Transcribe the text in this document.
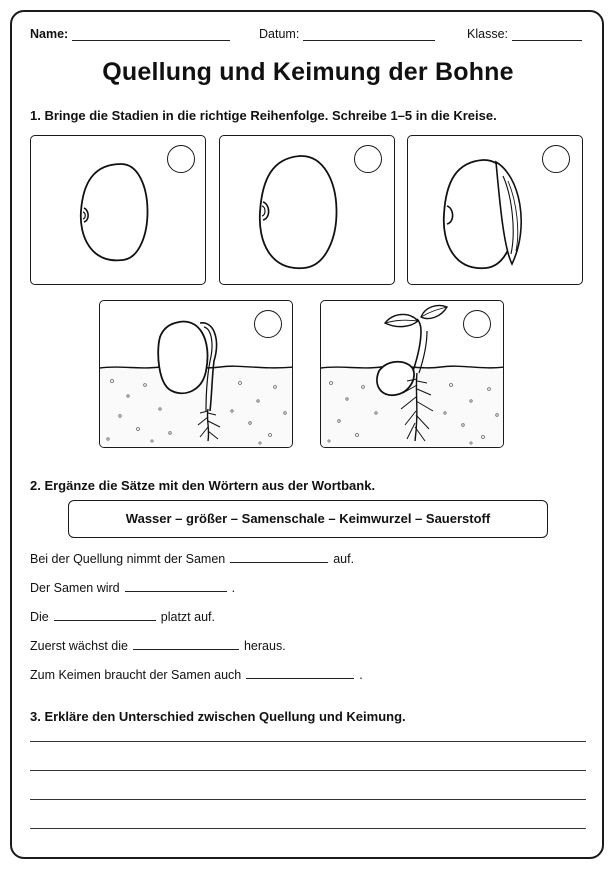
Name:	Datum:	Klasse:
Quellung und Keimung der Bohne
1. Bringe die Stadien in die richtige Reihenfolge. Schreibe 1–5 in die Kreise.
2. Ergänze die Sätze mit den Wörtern aus der Wortbank.
Wasser – größer – Samenschale – Keimwurzel – Sauerstoff
Bei der Quellung nimmt der Samen	auf.
Der Samen wird	.
Die	platzt auf.
Zuerst wächst die	heraus.
Zum Keimen braucht der Samen auch	.
3. Erkläre den Unterschied zwischen Quellung und Keimung.
